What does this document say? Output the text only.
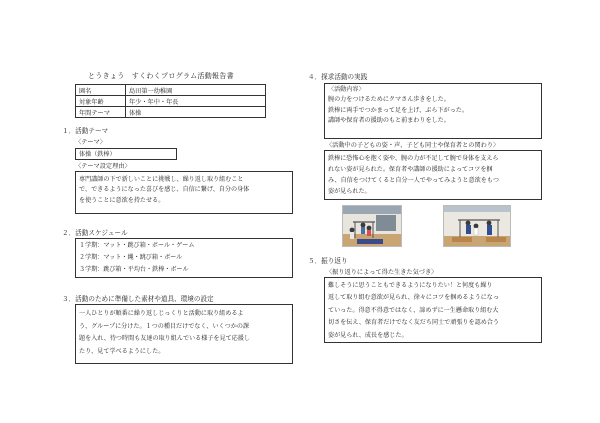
とうきょう　すくわくプログラム活動報告書
園名	島田第一幼稚園
対象年齢	年少・年中・年長
年間テーマ	体操
１．活動テーマ
〈テーマ〉

体操（鉄棒）

〈テーマ設定理由〉

専門講師の下で新しいことに挑戦し、繰り返し取り組むこと

で、できるようになった喜びを感じ、自信に繋げ、自分の身体

を使うことに意欲を持たせる。

２．活動スケジュール

１学期：マット・跳び箱・ボール・ゲーム

２学期：マット・縄・跳び箱・ボール

３学期：跳び箱・平均台・鉄棒・ボール

３．活動のために準備した素材や道具、環境の設定

一人ひとりが順番に繰り返しじっくりと活動に取り組めるよ

う、グループに分けた。１つの種目だけでなく、いくつかの課

題を入れ、待つ時間も友達の取り組んでいる様子を見て応援し

たり、見て学べるようにした。

４．探求活動の実践

〈活動内容〉

腕の力をつけるためにクマさん歩きをした。

鉄棒に両手でつかまって足を上げ、ぶら下がった。

講師や保育者の援助のもと前まわりをした。

〈活動中の子どもの姿・声、子ども同士や保育者との関わり〉

鉄棒に恐怖心を抱く姿や、腕の力が不足して腕で身体を支えら

れない姿が見られた。保育者や講師の援助によってコツを掴

み、自信をつけてくると自分一人でやってみようと意欲をもつ

姿が見られた。

５．振り返り
〈振り返りによって得た生きた気づき〉

難しそうに思うこともできるようになりたい！と何度も繰り

返して取り組む意欲が見られ、徐々にコツを掴めるようになっ

ていった。得意不得意ではなく、諦めずに一生懸命取り組む大

切さを伝え、保育者だけでなく友だち同士で頑張りを認め合う

姿が見られ、成長を感じた。
